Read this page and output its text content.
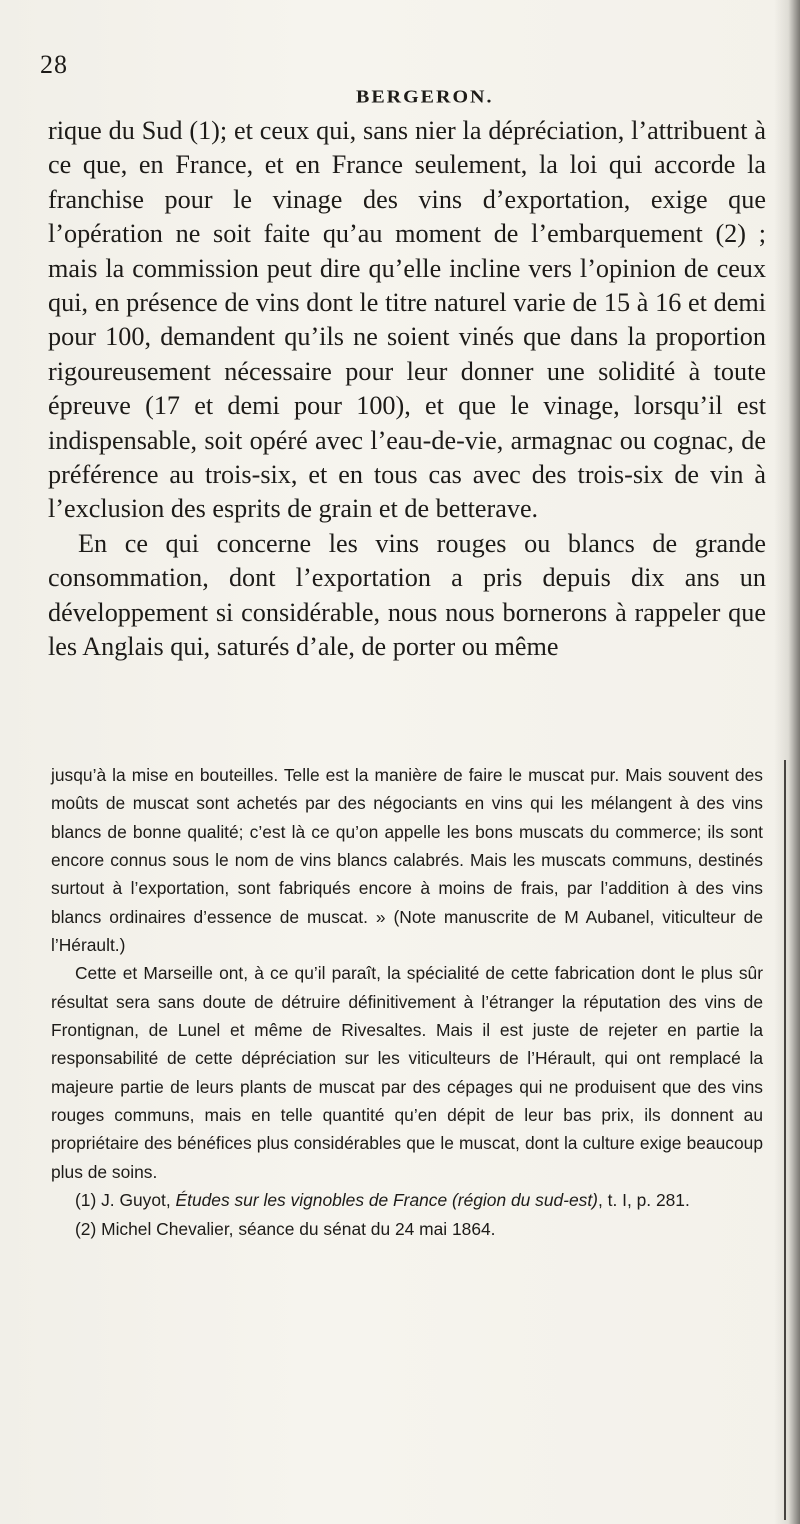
28
BERGERON.

rique du Sud (1); et ceux qui, sans nier la dépréciation, l’attribuent à ce que, en France, et en France seulement, la loi qui accorde la franchise pour le vinage des vins d’exportation, exige que l’opération ne soit faite qu’au moment de l’embarquement (2) ; mais la commission peut dire qu’elle incline vers l’opinion de ceux qui, en présence de vins dont le titre naturel varie de 15 à 16 et demi pour 100, demandent qu’ils ne soient vinés que dans la proportion rigoureusement nécessaire pour leur donner une solidité à toute épreuve (17 et demi pour 100), et que le vinage, lorsqu’il est indispensable, soit opéré avec l’eau-de-vie, armagnac ou cognac, de préférence au trois-six, et en tous cas avec des trois-six de vin à l’exclusion des esprits de grain et de betterave.

En ce qui concerne les vins rouges ou blancs de grande consommation, dont l’exportation a pris depuis dix ans un développement si considérable, nous nous bornerons à rappeler que les Anglais qui, saturés d’ale, de porter ou même

jusqu’à la mise en bouteilles. Telle est la manière de faire le muscat pur. Mais souvent des moûts de muscat sont achetés par des négociants en vins qui les mélangent à des vins blancs de bonne qualité; c’est là ce qu’on appelle les bons muscats du commerce; ils sont encore connus sous le nom de vins blancs calabrés. Mais les muscats communs, destinés surtout à l’exportation, sont fabriqués encore à moins de frais, par l’addition à des vins blancs ordinaires d’essence de muscat. » (Note manuscrite de M Aubanel, viticulteur de l’Hérault.)

Cette et Marseille ont, à ce qu’il paraît, la spécialité de cette fabrication dont le plus sûr résultat sera sans doute de détruire définitivement à l’étranger la réputation des vins de Frontignan, de Lunel et même de Rivesaltes. Mais il est juste de rejeter en partie la responsabilité de cette dépréciation sur les viticulteurs de l’Hérault, qui ont remplacé la majeure partie de leurs plants de muscat par des cépages qui ne produisent que des vins rouges communs, mais en telle quantité qu’en dépit de leur bas prix, ils donnent au propriétaire des bénéfices plus considérables que le muscat, dont la culture exige beaucoup plus de soins.

(1) J. Guyot, Études sur les vignobles de France (région du sud-est), t. I, p. 281.

(2) Michel Chevalier, séance du sénat du 24 mai 1864.
